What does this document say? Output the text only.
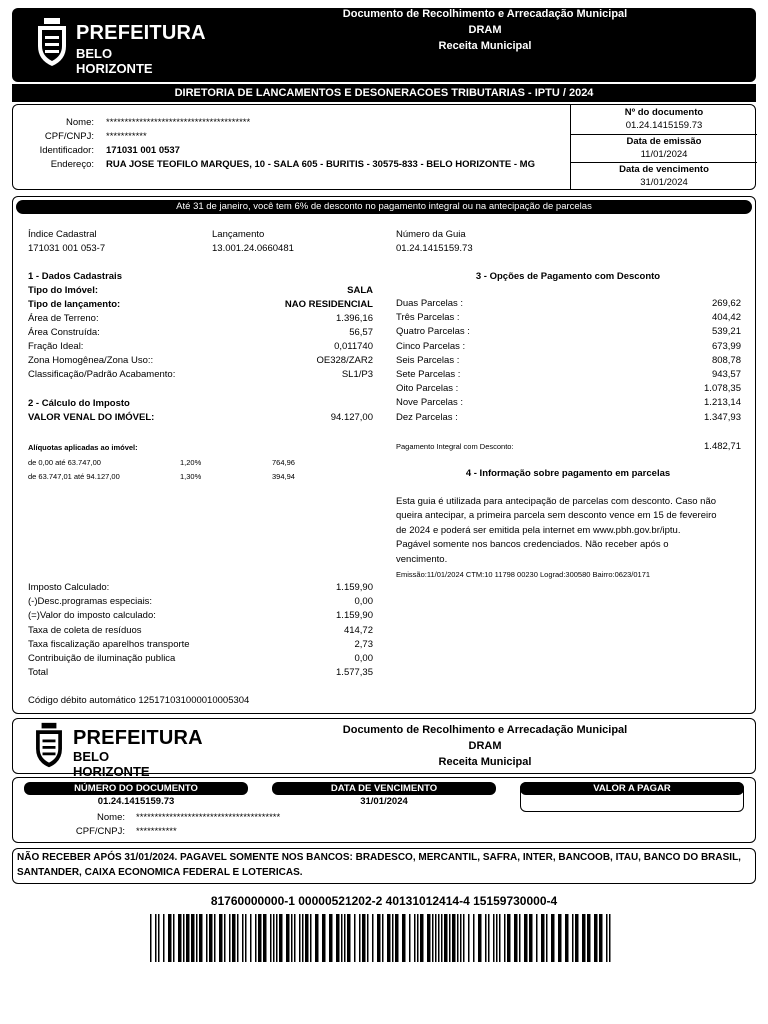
PREFEITURA
BELO HORIZONTE
Documento de Recolhimento e Arrecadação Municipal
DRAM
Receita Municipal
DIRETORIA DE LANCAMENTOS E DESONERACOES TRIBUTARIAS - IPTU / 2024
Nome: ***************************************
CPF/CNPJ: ***********
Identificador: 171031 001 0537
Endereço: RUA JOSE TEOFILO MARQUES, 10 - SALA 605 - BURITIS - 30575-833 - BELO HORIZONTE - MG
Nº do documento
01.24.1415159.73
Data de emissão
11/01/2024
Data de vencimento
31/01/2024
Até 31 de janeiro, você tem 6% de desconto no pagamento integral ou na antecipação de parcelas
Índice Cadastral
171031 001 053-7
Lançamento
13.001.24.0660481
Número da Guia
01.24.1415159.73
1 - Dados Cadastrais
Tipo do Imóvel:	SALA
Tipo de lançamento:	NAO RESIDENCIAL
Área de Terreno:	1.396,16
Área Construída:	56,57
Fração Ideal:	0,011740
Zona Homogênea/Zona Uso::	OE328/ZAR2
Classificação/Padrão Acabamento:	SL1/P3
2 - Cálculo do Imposto
VALOR VENAL DO IMÓVEL:	94.127,00
Alíquotas aplicadas ao imóvel:
de 0,00 até 63.747,00	1,20%	764,96
de 63.747,01 até 94.127,00	1,30%	394,94
Imposto Calculado:	1.159,90
(-)Desc.programas especiais:	0,00
(=)Valor do imposto calculado:	1.159,90
Taxa de coleta de resíduos	414,72
Taxa fiscalização aparelhos transporte	2,73
Contribuição de iluminação publica	0,00
Total	1.577,35
Código débito automático 1251710310000100053​04
3 - Opções de Pagamento com Desconto
Duas Parcelas :	269,62
Três Parcelas :	404,42
Quatro Parcelas :	539,21
Cinco Parcelas :	673,99
Seis Parcelas :	808,78
Sete Parcelas :	943,57
Oito Parcelas :	1.078,35
Nove Parcelas :	1.213,14
Dez Parcelas :	1.347,93
Pagamento Integral com Desconto:	1.482,71
4 - Informação sobre pagamento em parcelas
Esta guia é utilizada para antecipação de parcelas com desconto. Caso não
queira antecipar, a primeira parcela sem desconto vence em 15 de fevereiro
de 2024 e poderá ser emitida pela internet em www.pbh.gov.br/iptu.
Pagável somente nos bancos credenciados. Não receber após o
vencimento.
Emissão:11/01/2024 CTM:10 11798 00230 Lograd:300580 Bairro:0623/0171
PREFEITURA
BELO HORIZONTE
Documento de Recolhimento e Arrecadação Municipal
DRAM
Receita Municipal
NÚMERO DO DOCUMENTO
01.24.1415159.73
DATA DE VENCIMENTO
31/01/2024
VALOR A PAGAR
Nome: ***************************************
CPF/CNPJ: ***********
NÃO RECEBER APÓS 31/01/2024. PAGAVEL SOMENTE NOS BANCOS: BRADESCO, MERCANTIL, SAFRA, INTER, BANCOOB, ITAU, BANCO DO BRASIL,
SANTANDER, CAIXA ECONOMICA FEDERAL E LOTERICAS.
81760000000-1 00000521202-2 40131012414-4 15159730000-4
